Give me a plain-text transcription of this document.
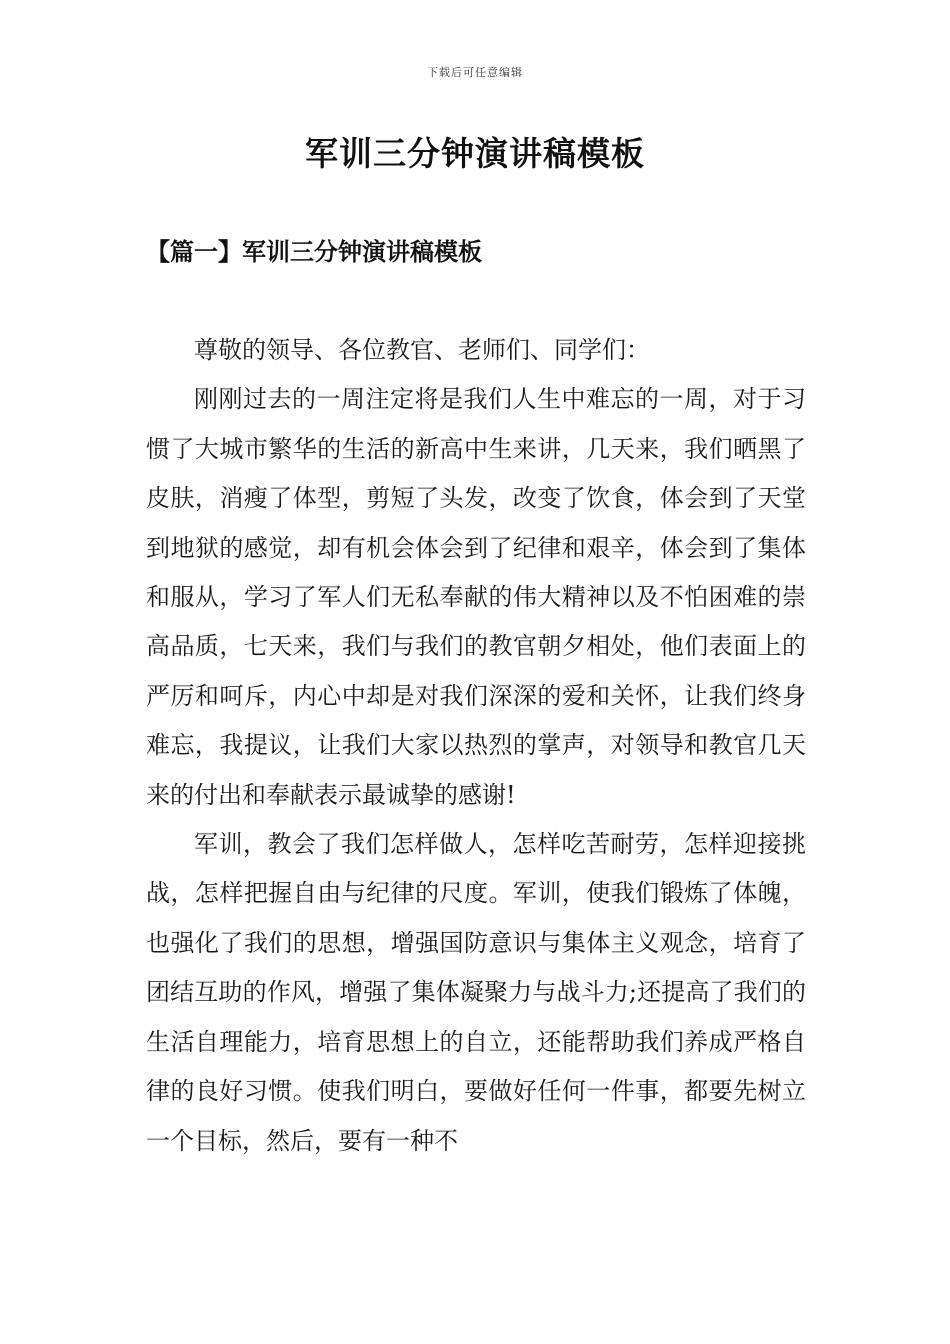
下载后可任意编辑
军训三分钟演讲稿模板
【篇一】军训三分钟演讲稿模板

尊敬的领导、各位教官、老师们、同学们：

刚刚过去的一周注定将是我们人生中难忘的一周，对于习惯了大城市繁华的生活的新高中生来讲，几天来，我们晒黑了皮肤，消瘦了体型，剪短了头发，改变了饮食，体会到了天堂到地狱的感觉，却有机会体会到了纪律和艰辛，体会到了集体和服从，学习了军人们无私奉献的伟大精神以及不怕困难的崇高品质，七天来，我们与我们的教官朝夕相处，他们表面上的严厉和呵斥，内心中却是对我们深深的爱和关怀，让我们终身难忘，我提议，让我们大家以热烈的掌声，对领导和教官几天来的付出和奉献表示最诚挚的感谢!

军训，教会了我们怎样做人，怎样吃苦耐劳，怎样迎接挑战，怎样把握自由与纪律的尺度。军训，使我们锻炼了体魄，也强化了我们的思想，增强国防意识与集体主义观念，培育了团结互助的作风，增强了集体凝聚力与战斗力;还提高了我们的生活自理能力，培育思想上的自立，还能帮助我们养成严格自律的良好习惯。使我们明白，要做好任何一件事，都要先树立一个目标，然后，要有一种不
